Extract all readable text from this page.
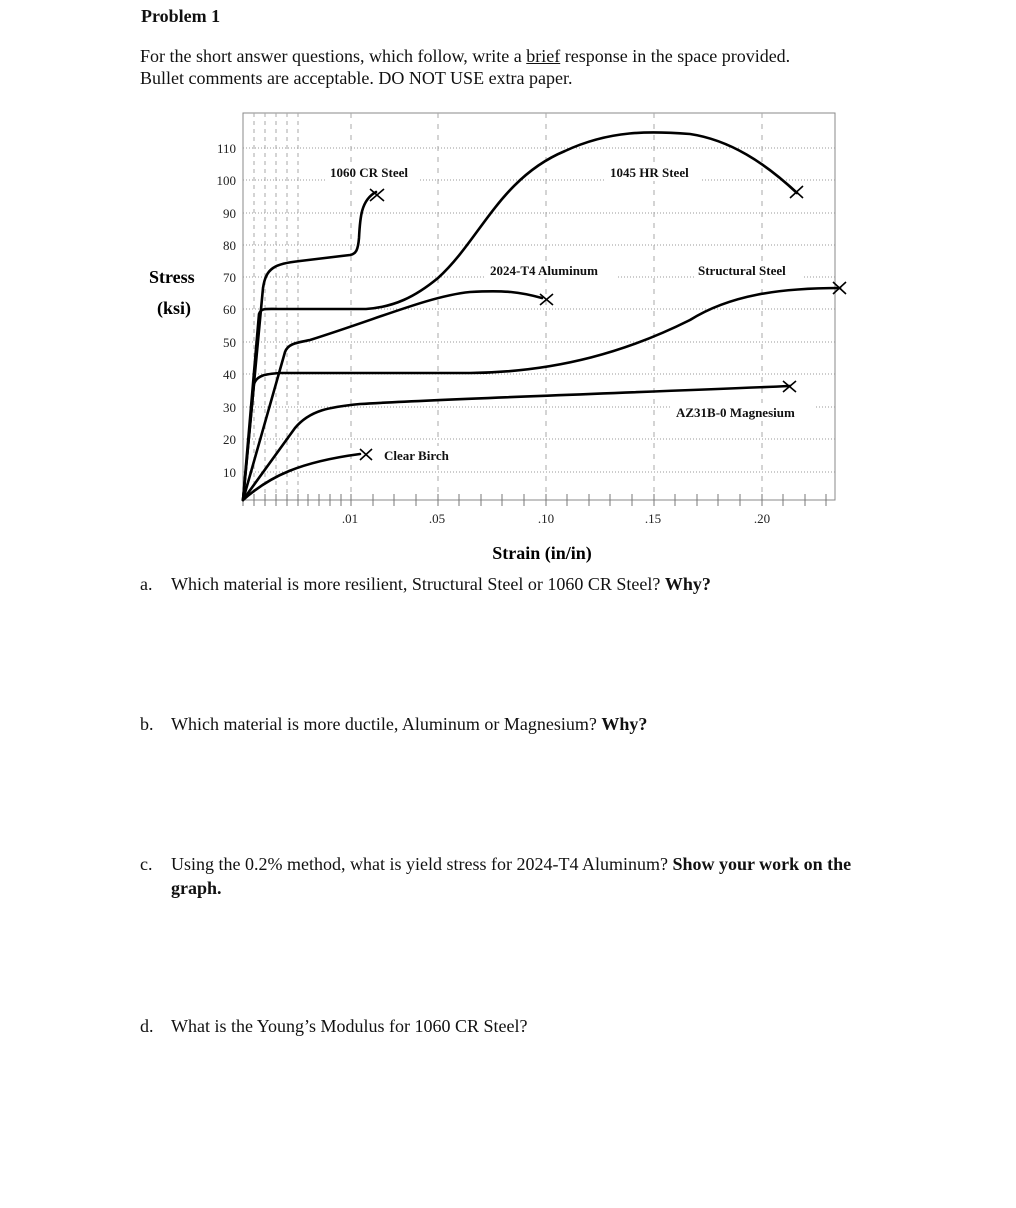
Problem 1
For the short answer questions, which follow, write a brief response in the space provided.
Bullet comments are acceptable. DO NOT USE extra paper.
110
100
90
80
70
60
50
40
30
20
10
.01	.05	.10	.15	.20
Stress
(ksi)
Strain (in/in)
1060 CR Steel	1045 HR Steel
2024-T4 Aluminum	Structural Steel
AZ31B-0 Magnesium
Clear Birch
a. Which material is more resilient, Structural Steel or 1060 CR Steel? Why?
b. Which material is more ductile, Aluminum or Magnesium? Why?
c. Using the 0.2% method, what is yield stress for 2024-T4 Aluminum? Show your work on the graph.
d. What is the Young’s Modulus for 1060 CR Steel?
